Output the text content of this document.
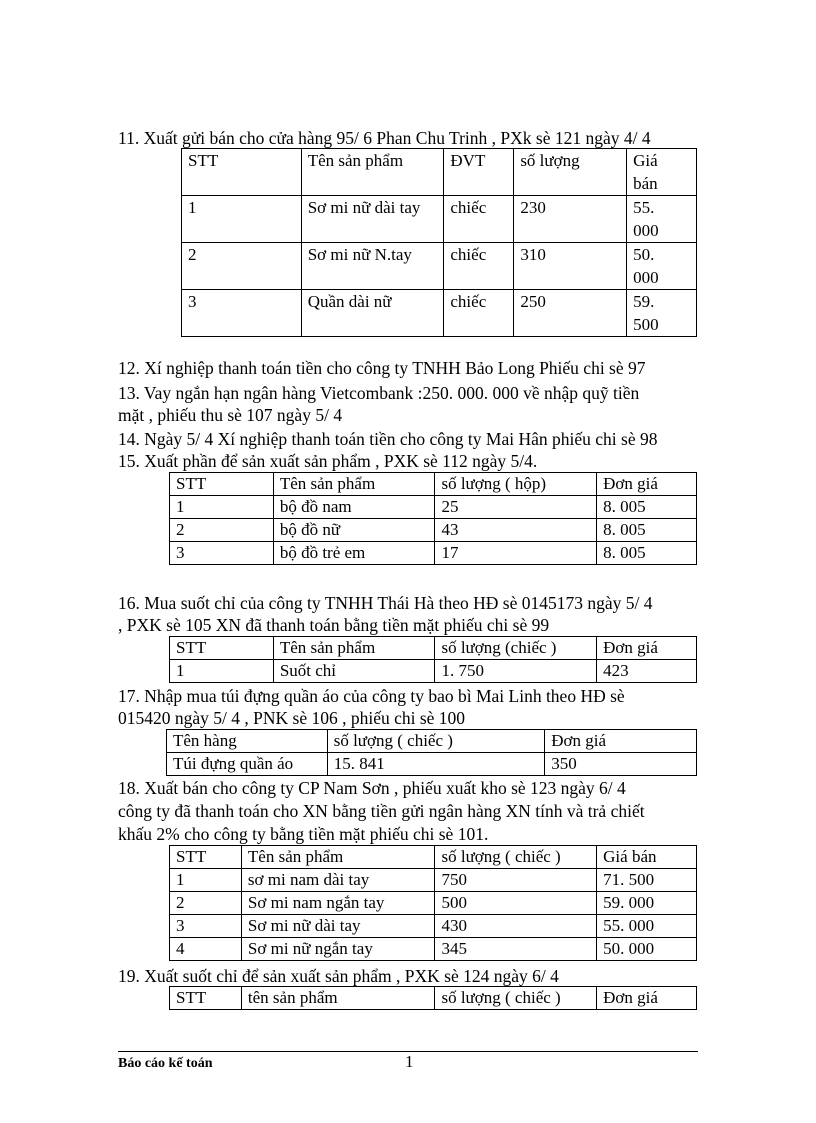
11. Xuất gửi bán cho cửa hàng 95/ 6 Phan Chu Trinh , PXk sè 121 ngày 4/ 4
STT	Tên sản phẩm	ĐVT	số lượng	Giá
bán
1	Sơ mi nữ dài tay	chiếc	230	55.
000
2	Sơ mi nữ N.tay	chiếc	310	50.
000
3	Quần dài nữ	chiếc	250	59.
500
12. Xí nghiệp thanh toán tiền cho công ty TNHH Bảo Long Phiếu chi sè 97
13. Vay ngắn hạn ngân hàng Vietcombank :250. 000. 000 về nhập quỹ tiền
mặt , phiếu thu sè 107 ngày 5/ 4
14. Ngày 5/ 4 Xí nghiệp thanh toán tiền cho công ty Mai Hân phiếu chi sè 98
15. Xuất phần để sản xuất sản phẩm , PXK sè 112 ngày 5/4.
STT	Tên sản phẩm	số lượng ( hộp)	Đơn giá
1	bộ đồ nam	25	8. 005
2	bộ đồ nữ	43	8. 005
3	bộ đồ trẻ em	17	8. 005
16. Mua suốt chỉ của công ty TNHH Thái Hà theo HĐ sè 0145173 ngày 5/ 4
, PXK sè 105 XN đã thanh toán bằng tiền mặt phiếu chi sè 99
STT	Tên sản phẩm	số lượng (chiếc )	Đơn giá
1	Suốt chỉ	1. 750	423
17. Nhập mua túi đựng quần áo của công ty bao bì Mai Linh theo HĐ sè
015420 ngày 5/ 4 , PNK sè 106 , phiếu chi sè 100
Tên hàng	số lượng ( chiếc )	Đơn giá
Túi đựng quần áo	15. 841	350
18. Xuất bán cho công ty CP Nam Sơn , phiếu xuất kho sè 123 ngày 6/ 4
công ty đã thanh toán cho XN bằng tiền gửi ngân hàng XN tính và trả chiết
khấu 2% cho công ty bằng tiền mặt phiếu chi sè 101.
STT	Tên sản phẩm	số lượng ( chiếc )	Giá bán
1	sơ mi nam dài tay	750	71. 500
2	Sơ mi nam ngắn tay	500	59. 000
3	Sơ mi nữ dài tay	430	55. 000
4	Sơ mi nữ ngắn tay	345	50. 000
19. Xuất suốt chỉ để sản xuất sản phẩm , PXK sè 124 ngày 6/ 4
STT	tên sản phẩm	số lượng ( chiếc )	Đơn giá
Báo cáo kế toán	1
